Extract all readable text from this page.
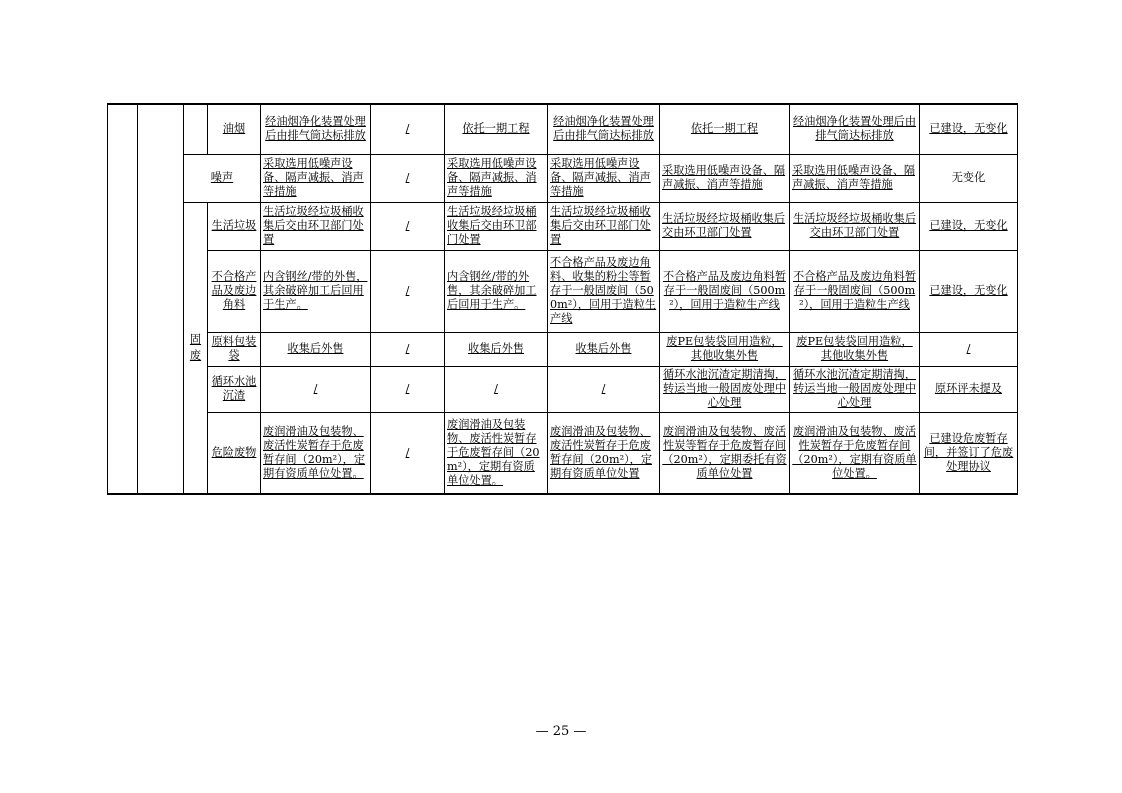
			油烟	经油烟净化装置处理后由排气筒达标排放	/	依托一期工程	经油烟净化装置处理后由排气筒达标排放	依托一期工程	经油烟净化装置处理后由排气筒达标排放	已建设，无变化
		噪声		采取选用低噪声设备、隔声减振、消声等措施	/	采取选用低噪声设备、隔声减振、消声等措施	采取选用低噪声设备、隔声减振、消声等措施	采取选用低噪声设备、隔声减振、消声等措施	采取选用低噪声设备、隔声减振、消声等措施	无变化
		固废	生活垃圾	生活垃圾经垃圾桶收集后交由环卫部门处置	/	生活垃圾经垃圾桶收集后交由环卫部门处置	生活垃圾经垃圾桶收集后交由环卫部门处置	生活垃圾经垃圾桶收集后交由环卫部门处置	生活垃圾经垃圾桶收集后交由环卫部门处置	已建设，无变化
			不合格产品及废边角料	内含钢丝/带的外售，其余破碎加工后回用于生产。	/	内含钢丝/带的外售，其余破碎加工后回用于生产。	不合格产品及废边角料、收集的粉尘等暂存于一般固废间（500m²），回用于造粒生产线	不合格产品及废边角料暂存于一般固废间（500m²），回用于造粒生产线	不合格产品及废边角料暂存于一般固废间（500m²），回用于造粒生产线	已建设，无变化
			原料包装袋	收集后外售	/	收集后外售	收集后外售	废PE包装袋回用造粒，其他收集外售	废PE包装袋回用造粒，其他收集外售	/
			循环水池沉渣	/	/	/	/	循环水池沉渣定期清掏，转运当地一般固废处理中心处理	循环水池沉渣定期清掏，转运当地一般固废处理中心处理	原环评未提及
			危险废物	废润滑油及包装物、废活性炭暂存于危废暂存间（20m²），定期有资质单位处置。	/	废润滑油及包装物、废活性炭暂存于危废暂存间（20m²），定期有资质单位处置。	废润滑油及包装物、废活性炭暂存于危废暂存间（20m²），定期有资质单位处置	废润滑油及包装物、废活性炭等暂存于危废暂存间（20m²），定期委托有资质单位处置	废润滑油及包装物、废活性炭暂存于危废暂存间（20m²），定期有资质单位处置。	已建设危废暂存间，并签订了危废处理协议
— 25 —
